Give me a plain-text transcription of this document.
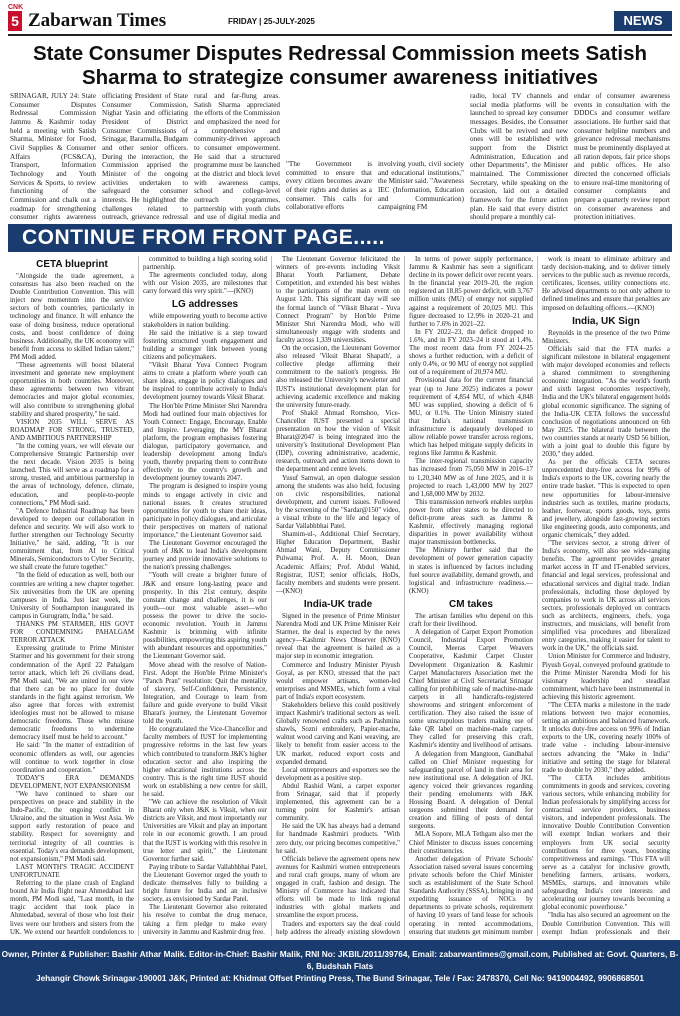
CNK
5 Zabarwan Times	FRIDAY | 25-JULY-2025	NEWS
State Consumer Disputes Redressal Commission meets Satish Sharma to strategize consumer awareness initiatives
SRINAGAR, JULY 24: State Consumer Disputes Redressal Commission Jammu & Kashmir today held a meeting with Satish Sharma, Minister for Food, Civil Supplies & Consumer Affairs (FCS&CA), Transport, Information Technology and Youth Services & Sports, to review functioning of the Commission and chalk out a roadmap for strengthening consumer rights awareness
officiating President of State Consumer Commission, Nighat Yasin and officiating President of District Consumer Commissions of Srinagar, Baramulla, Budgam and other senior officers. During the interaction, the Commission apprised the Minister of the ongoing activities undertaken to safeguard the consumer interests. He highlighted the challenges related to outreach, grievance redressal
rural and far-flung areas. Satish Sharma appreciated the efforts of the Commission and emphasized the need for a comprehensive and community-driven approach to consumer empowerment. He said that a structured programme must be launched at the district and block level with awareness camps, school and college-level outreach programmes, partnership with youth clubs and use of digital media and
"The Government is committed to ensure that every citizen becomes aware of their rights and duties as a consumer. This calls for collaborative efforts
involving youth, civil society and educational institutions," the Minister said. "Awareness IEC (Information, Education and Communication) campaigning FM
radio, local TV channels and social media platforms will be launched to spread key consumer messages. Besides, the Consumer Clubs will be revived and new ones will be established with support from the District Administration, Education and other Departments", the Minister maintained. The Commissioner Secretary, while speaking on the occasion, laid out a detailed framework for the future action plan. He said that every district should prepare a monthly cal-
endar of consumer awareness events in consultation with the DDDCs and consumer welfare associations. He further said that consumer helpline numbers and grievance redressal mechanisms must be prominently displayed at all ration depots, fair price shops and public offices. He also directed the concerned officials to ensure real-time monitoring of consumer complaints and prepare a quarterly review report on consumer awareness and protection initiatives.
CONTINUE FROM FRONT PAGE.....
CETA blueprint

"Alongside the trade agreement, a consensus has also been reached on the Double Contribution Convention. This will inject new momentum into the service sectors of both countries, particularly in technology and finance. It will enhance the ease of doing business, reduce operational costs, and boost confidence of doing business. Additionally, the UK economy will benefit from access to skilled Indian talent," PM Modi added.

"These agreements will boost bilateral investment and generate new employment opportunities in both countries. Moreover, these agreements between two vibrant democracies and major global economies, will also contribute to strengthening global stability and shared prosperity," he said.

VISION 2035 WILL SERVE AS ROADMAP FOR STRONG, TRUSTED, AND AMBITIOUS PARTNERSHIP

"In the coming years, we will elevate our Comprehensive Strategic Partnership over the next decade. Vision 2035 is being launched. This will serve as a roadmap for a strong, trusted, and ambitious partnership in the areas of technology, defence, climate, education, and people-to-people connections," PM Modi said.

"A Defence Industrial Roadmap has been developed to deepen our collaboration in defence and security. We will also work to further strengthen our Technology Security Initiative," he said, adding, "It is our commitment that, from AI to Critical Minerals, Semiconductors to Cyber Security, we shall create the future together."

"In the field of education as well, both our countries are writing a new chapter together. Six universities from the UK are opening campuses in India. Just last week, the University of Southampton inaugurated its campus in Gurugram, India," he said.

THANKS PM STARMER, HIS GOVT FOR CONDEMNING PAHALGAM TERROR ATTACK

Expressing gratitude to Prime Minister Starmer and his government for their strong condemnation of the April 22 Pahalgam terror attack, which left 26 civilians dead, PM Modi said, "We are united in our view that there can be no place for double standards in the fight against terrorism. We also agree that forces with extremist ideologies must not be allowed to misuse democratic freedoms. Those who misuse democratic freedoms to undermine democracy itself must be held to account."

He said: "In the matter of extradition of economic offenders as well, our agencies will continue to work together in close coordination and cooperation."

TODAY'S ERA DEMANDS DEVELOPMENT, NOT EXPANSIONISM

"We have continued to share our perspectives on peace and stability in the Indo-Pacific, the ongoing conflict in Ukraine, and the situation in West Asia. We support early restoration of peace and stability. Respect for sovereignty and territorial integrity of all countries is essential. Today's era demands development, not expansionism," PM Modi said.

LAST MONTH'S TRAGIC ACCIDENT UNFORTUNATE

Referring to the plane crash of England bound Air India flight near Ahmedabad last month, PM Modi said, "Last month, in the tragic accident that took place in Ahmedabad, several of those who lost their lives were our brothers and sisters from the UK. We extend our heartfelt condolences to

committed to building a high scoring solid partnership.

The agreements concluded today, along with our Vision 2035, are milestones that carry forward this very spirit."—(KNO)

LG addresses

while empowering youth to become active stakeholders in nation building.

He said the initiative is a step toward fostering structured youth engagement and building a stronger link between young citizens and policymakers.

"Viksit Bharat Yuva Connect Program aims to create a platform where youth can share ideas, engage in policy dialogues and be inspired to contribute actively to India's development journey towards Viksit Bharat.

The Hon'ble Prime Minister Shri Narendra Modi had outlined four main objectives for Youth Connect: Engage, Encourage, Enable and Inspire. Leveraging the MY Bharat platform, the program emphasises fostering dialogue, participatory governance, and leadership development among India's youth, thereby preparing them to contribute effectively to the country's growth and development journey towards 2047.

The program is designed to inspire young minds to engage actively in civic and national issues. It creates structured opportunities for youth to share their ideas, participate in policy dialogues, and articulate their perspectives on matters of national importance," the Lieutenant Governor said.

The Lieutenant Governor encouraged the youth of J&K to lead India's development journey and provide innovative solutions to the nation's pressing challenges.

"Youth will create a brighter future of J&K and ensure long-lasting peace and prosperity. In this 21st century, despite constant change and challenges, it is our youth—our most valuable asset—who possess the power to drive the socio-economic revolution. Youth in Jammu Kashmir is brimming with infinite possibilities, empowering this aspiring youth with abundant resources and opportunities," the Lieutenant Governor said.

Move ahead with the resolve of Nation-First. Adopt the Hon'ble Prime Minister's "Panch Pran" resolution: Quit the mentality of slavery, Self-Confidence, Persistence, Integration, and Courage to learn from failure and guide everyone to build Viksit Bharat's journey, the Lieutenant Governor told the youth.

He congratulated the Vice-Chancellor and faculty members of IUST for implementing progressive reforms in the last few years which contributed to transform J&K's higher education sector and also inspiring the higher educational institutions across the country. This is the right time IUST should work on establishing a new centre for skill, he said.

"We can achieve the resolution of Viksit Bharat only when J&K is Viksit, when our districts are Viksit, and most importantly our Universities are Viksit and play an important role in our economic growth. I am proud that the IUST is working with this resolve in true letter and spirit," the Lieutenant Governor further said.

Paying tribute to Sardar Vallabhbhai Patel, the Lieutenant Governor urged the youth to dedicate themselves fully to building a bright future for India and an inclusive society, as envisioned by Sardar Patel.

The Lieutenant Governor also reiterated his resolve to combat the drug menace, taking a firm pledge to make every university in Jammu and Kashmir drug free.

The Lieutenant Governor felicitated the winners of pre-events including Viksit Bharat Youth Parliament, Debate Competition, and extended his best wishes to the participants of the main event on August 12th. This significant day will see the formal launch of "Viksit Bharat - Yuva Connect Program" by Hon'ble Prime Minister Shri Narendra Modi, who will simultaneously engage with students and faculty across 1,339 universities.

On the occasion, the Lieutenant Governor also released 'Viksit Bharat Shapath', a collective pledge affirming their commitment to the nation's progress. He also released the University's newsletter and IUST's institutional development plan for achieving academic excellence and making the university future-ready.

Prof Shakil Ahmad Romshoo, Vice-Chancellor IUST presented a special presentation on how the vision of Viksit Bharat@2047 is being integrated into the university's Institutional Development Plan (IDP), covering administrative, academic, research, outreach and action items down to the department and centre levels.

Yusuf Samwal, an open dialogue session among the students was also held, focusing on civic responsibilities, national development, and current issues. Followed by the screening of the "Sardar@150" video, a visual tribute to the life and legacy of Sardar Vallabhbhai Patel.

Shamim-ul-, Additional Chief Secretary, Higher Education Department, Bashir Ahmad Wani, Deputy Commissioner Pulwama; Prof. A. H. Moon, Dean Academic Affairs; Prof. Abdul Wahid, Registrar, IUST; senior officials, HoDs, faculty members and students were present.—(KNO)

India-UK trade

Signed in the presence of Prime Minister Narendra Modi and UK Prime Minister Keir Starmer, the deal is expected by the news agency—Kashmir News Observer (KNO) reveal that the agreement is hailed as a major step in economic integration.

Commerce and Industry Minister Piyush Goyal, as per KNO, stressed that the pact would empower artisans, women-led enterprises and MSMEs, which form a vital part of India's export ecosystem.

Stakeholders believe this could positively impact Kashmir's traditional sectors as well. Globally renowned crafts such as Pashmina shawls, Sozni embroidery, Papier-mache, walnut wood carving and Kani weaving, are likely to benefit from easier access to the UK market, reduced export costs and expanded demand.

Local entrepreneurs and exporters see the development as a positive step.

Abdul Rashid Wani, a carpet exporter from Srinagar, said that if properly implemented, this agreement can be a turning point for Kashmir's artisan community.

He said the UK has always had a demand for handmade Kashmiri products. "With zero duty, our pricing becomes competitive," he said.

Officials believe the agreement opens new avenues for Kashmiri women entrepreneurs and rural craft groups, many of whom are engaged in craft, fashion and design. The Ministry of Commerce has indicated that efforts will be made to link regional industries with global markets and streamline the export process.

Traders and exporters say the deal could help address the already existing slowdown

In terms of power supply performance, Jammu & Kashmir has seen a significant decline in its power deficit over recent years. In the financial year 2019–20, the region registered an 18.85 power deficit, with 3,767 million units (MU) of energy not supplied against a requirement of 20,025 MU. This figure decreased to 12.9% in 2020–21 and further to 7.6% in 2021–22.

In FY 2022–23, the deficit dropped to 1.6%, and in FY 2023–24 it stood at 1.4%. The most recent data from FY 2024–25 shows a further reduction, with a deficit of only 0.4%, or 90 MU of energy not supplied out of a requirement of 20,974 MU.

Provisional data for the current financial year (up to June 2025) indicates a power requirement of 4,854 MU, of which 4,848 MU was supplied, showing a deficit of 6 MU, or 0.1%. The Union Ministry stated that India's national transmission infrastructure is adequately developed to allow reliable power transfer across regions, which has helped mitigate supply deficits in regions like Jammu & Kashmir.

The inter-regional transmission capacity has increased from 75,050 MW in 2016–17 to 1,20,340 MW as of June 2025, and it is projected to reach 1,43,000 MW by 2027 and 1,68,000 MW by 2032.

This transmission network enables surplus power from other states to be directed to deficit-prone areas such as Jammu & Kashmir, effectively managing regional disparities in power availability without major transmission bottlenecks.

The Ministry further said that the development of power generation capacity in states is influenced by factors including fuel source availability, demand growth, and logistical and infrastructure readiness.—(KNO)

CM takes

The artisan families who depend on this craft for their livelihood.

A delegation of Carpet Export Promotion Council, Industrial Export Promotion Council, Meeras Carpet Weavers Cooperative, Kashmir Carpet Cluster Development Organization & Kashmir Carpet Manufacturers Association met the Chief Minister at Civil Secretariat Srinagar calling for prohibiting sale of machine-made carpets in all handicrafts-registered showrooms and stringent enforcement of certification. They also raised the issue of some unscrupulous traders making use of fake QR label on machine-made carpets. They called for preserving this craft, Kashmir's identity and livelihood of artisans.

A delegation from Mangtoon, Gandhabal called on Chief Minister requesting for safeguarding parcel of land in their area for new institutional use. A delegation of JKL agency voiced their grievances regarding their pending emoluments with J&K Housing Board. A delegation of Dental surgeons submitted their demand for creation and filling of posts of dental surgeons.

MLA Sopore, MLA Tethgam also met the Chief Minister to discuss issues concerning their constituencies.

Another delegation of Private Schools' Association raised several issues concerning private schools before the Chief Minister such as establishment of the State School Standards Authority (SSSA), bringing in and expediting issuance of NOCs by departments to private schools, requirement of having 10 years of land lease for schools operating in rented accommodations, ensuring that students get minimum number

work is meant to eliminate arbitrary and tardy decision-making, and to deliver timely services to the public such as revenue records, certificates, licenses, utility connections etc. He advised departments to not only adhere to defined timelines and ensure that penalties are imposed on defaulting officers.—(KNO)

India, UK Sign

Reynolds in the presence of the two Prime Ministers.

Officials said that the FTA marks a significant milestone in bilateral engagement with major developed economies and reflects a shared commitment to strengthening economic integration. "As the world's fourth and sixth largest economies respectively, India and the UK's bilateral engagement holds global economic significance. The signing of the India-UK CETA follows the successful conclusion of negotiations announced on 6th May 2025. The bilateral trade between the two countries stands at nearly USD 56 billion, with a joint goal to double this figure by 2030," they added.

As per the officials CETA secures unprecedented duty-free access for 99% of India's exports to the UK, covering nearly the entire trade basket. "This is expected to open new opportunities for labour-intensive industries such as textiles, marine products, leather, footwear, sports goods, toys, gems and jewellery, alongside fast-growing sectors like engineering goods, auto components, and organic chemicals," they added.

"The services sector, a strong driver of India's economy, will also see wide-ranging benefits. The agreement provides greater market access in IT and IT-enabled services, financial and legal services, professional and educational services and digital trade. Indian professionals, including those deployed by companies to work in UK across all services sectors, professionals deployed on contracts such as architects, engineers, chefs, yoga instructors, and musicians, will benefit from simplified visa procedures and liberalized entry categories, making it easier for talent to work in the UK," the officials said.

Union Minister for Commerce and Industry, Piyush Goyal, conveyed profound gratitude to the Prime Minister Narendra Modi for his visionary leadership and steadfast commitment, which have been instrumental in achieving this historic agreement.

"The CETA marks a milestone in the trade relations between two major economies, setting an ambitious and balanced framework. It unlocks duty-free access on 99% of Indian exports to the UK, covering nearly 100% of trade value - including labour-intensive sectors advancing the "Make in India" initiative and setting the stage for bilateral trade to double by 2030," they added.

"The CETA includes ambitious commitments in goods and services, covering various sectors, while enhancing mobility for Indian professionals by simplifying access for contractual service providers, business visitors, and independent professionals. The innovative Double Contribution Convention will exempt Indian workers and their employers from UK social security contributions for three years, boosting competitiveness and earnings. "This FTA will serve as a catalyst for inclusive growth, benefiting farmers, artisans, workers, MSMEs, startups, and innovators while safeguarding India's core interests and accelerating our journey towards becoming a global economic powerhouse."

"India has also secured an agreement on the Double Contribution Convention. This will exempt Indian professionals and their

Owner, Printer & Publisher: Bashir Athar Malik. Editor-in-Chief: Bashir Malik, RNI No: JKBIL/2011/39764, Email: zabarwantimes@gmail.com, Published at: Govt. Quarters, B-6, Budshah Flats
Jehangir Chowk Srinagar-190001 J&K, Printed at: Khidmat Offset Printing Press, The Bund Srinagar, Tele / Fax: 2478370, Cell No: 9419004492, 9906868501
